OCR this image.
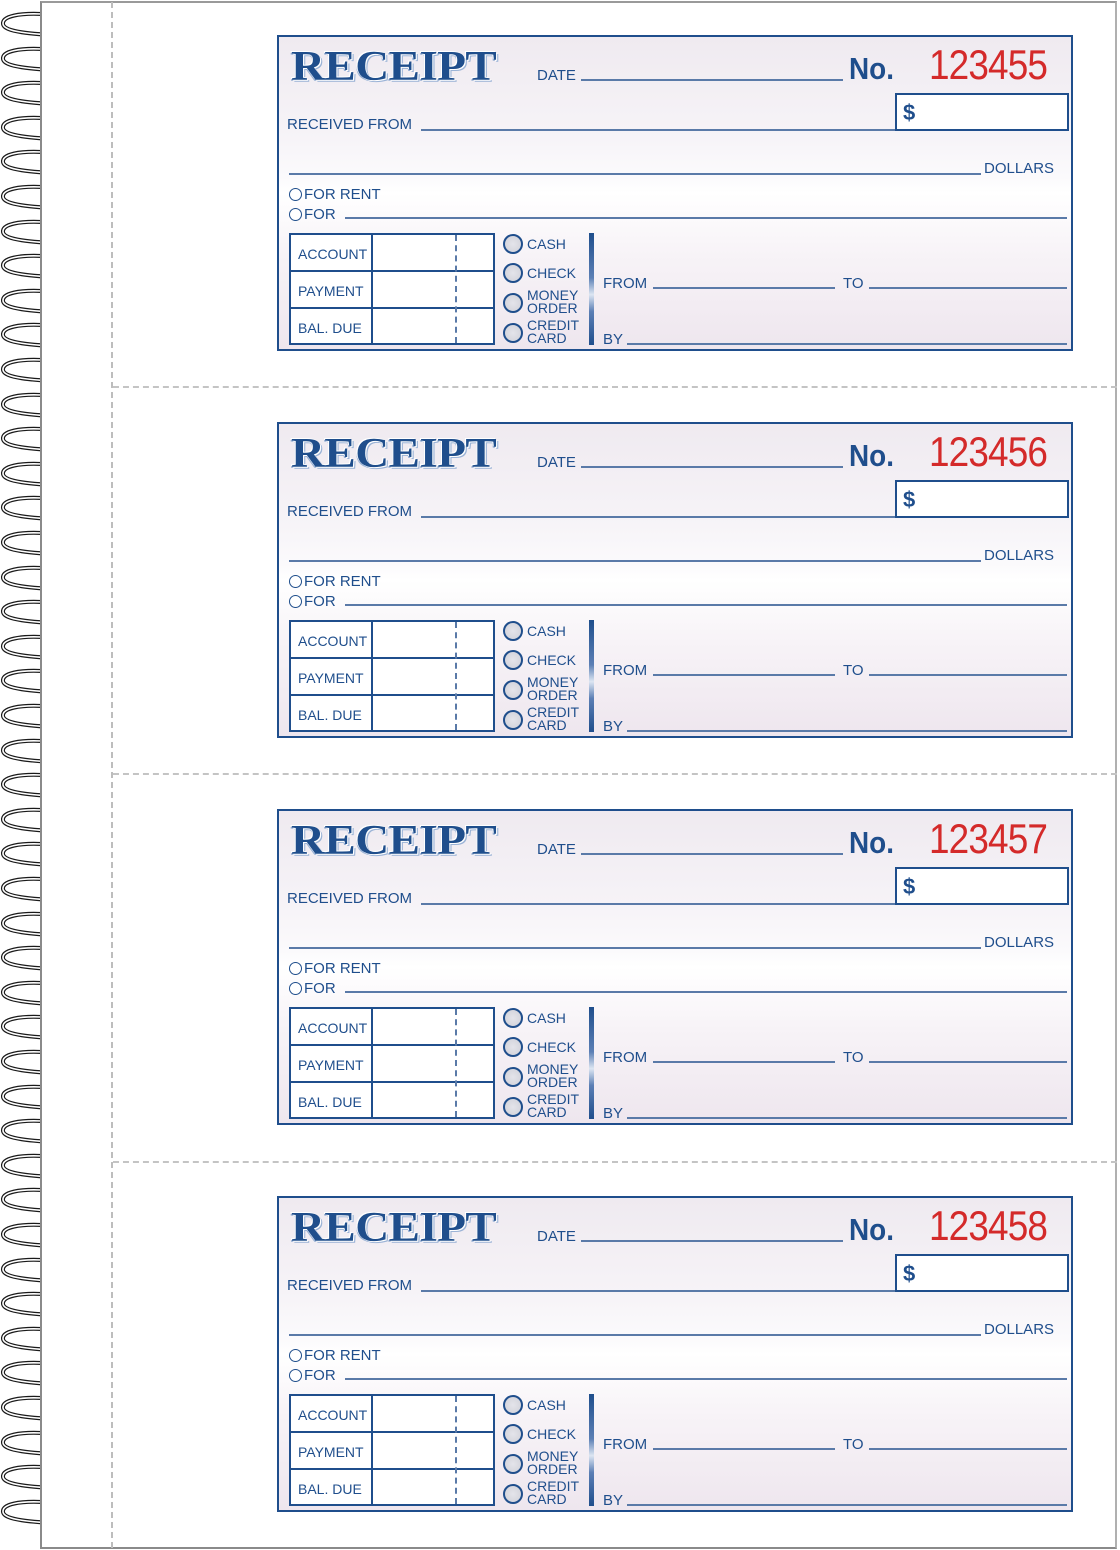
RECEIPT	DATE	No. 123455
RECEIVED FROM	$
DOLLARS
FOR RENT
FOR
ACCOUNT
PAYMENT
BAL. DUE
CASH
CHECK
MONEY ORDER
CREDIT CARD
FROM	TO
BY
RECEIPT	DATE	No. 123456
RECEIVED FROM	$
DOLLARS
FOR RENT
FOR
ACCOUNT
PAYMENT
BAL. DUE
CASH
CHECK
MONEY ORDER
CREDIT CARD
FROM	TO
BY
RECEIPT	DATE	No. 123457
RECEIVED FROM	$
DOLLARS
FOR RENT
FOR
ACCOUNT
PAYMENT
BAL. DUE
CASH
CHECK
MONEY ORDER
CREDIT CARD
FROM	TO
BY
RECEIPT	DATE	No. 123458
RECEIVED FROM	$
DOLLARS
FOR RENT
FOR
ACCOUNT
PAYMENT
BAL. DUE
CASH
CHECK
MONEY ORDER
CREDIT CARD
FROM	TO
BY
